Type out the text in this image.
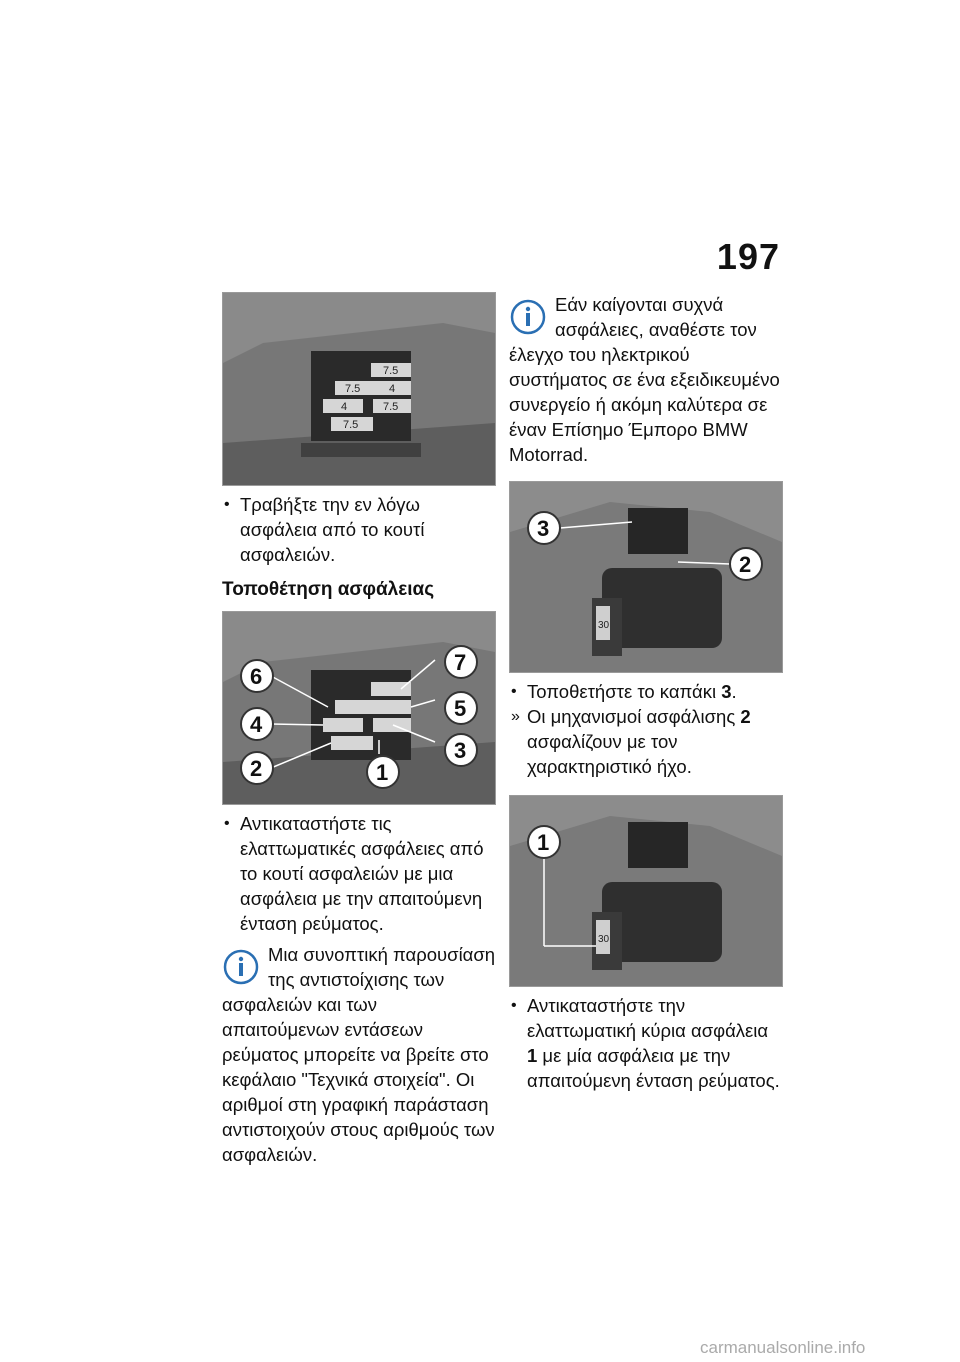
197
7.5
7.5	4
4	7.5
7.5
• Τραβήξτε την εν λόγω ασφάλεια από το κουτί ασφαλειών.
Τοποθέτηση ασφάλειας
6
4
2	1
3
5
7
• Αντικαταστήστε τις ελαττωματικές ασφάλειες από το κουτί ασφαλειών με μια ασφάλεια με την απαιτούμενη ένταση ρεύματος.
Μια συνοπτική παρουσίαση της αντιστοίχισης των
ασφαλειών και των απαιτούμενων εντάσεων ρεύματος μπορείτε να βρείτε στο κεφάλαιο "Τεχνικά στοιχεία". Οι αριθμοί στη γραφική παράσταση αντιστοιχούν στους αριθμούς των ασφαλειών.
Εάν καίγονται συχνά ασφάλειες, αναθέστε τον
έλεγχο του ηλεκτρικού συστήματος σε ένα εξειδικευμένο συνεργείο ή ακόμη καλύτερα σε έναν Επίσημο Έμπορο BMW Motorrad.
30
3
2
• Τοποθετήστε το καπάκι 3.
» Οι μηχανισμοί ασφάλισης 2 ασφαλίζουν με τον χαρακτηριστικό ήχο.
30
1
• Αντικαταστήστε την ελαττωματική κύρια ασφάλεια 1 με μία ασφάλεια με την απαιτούμενη ένταση ρεύματος.
carmanualsonline.info
